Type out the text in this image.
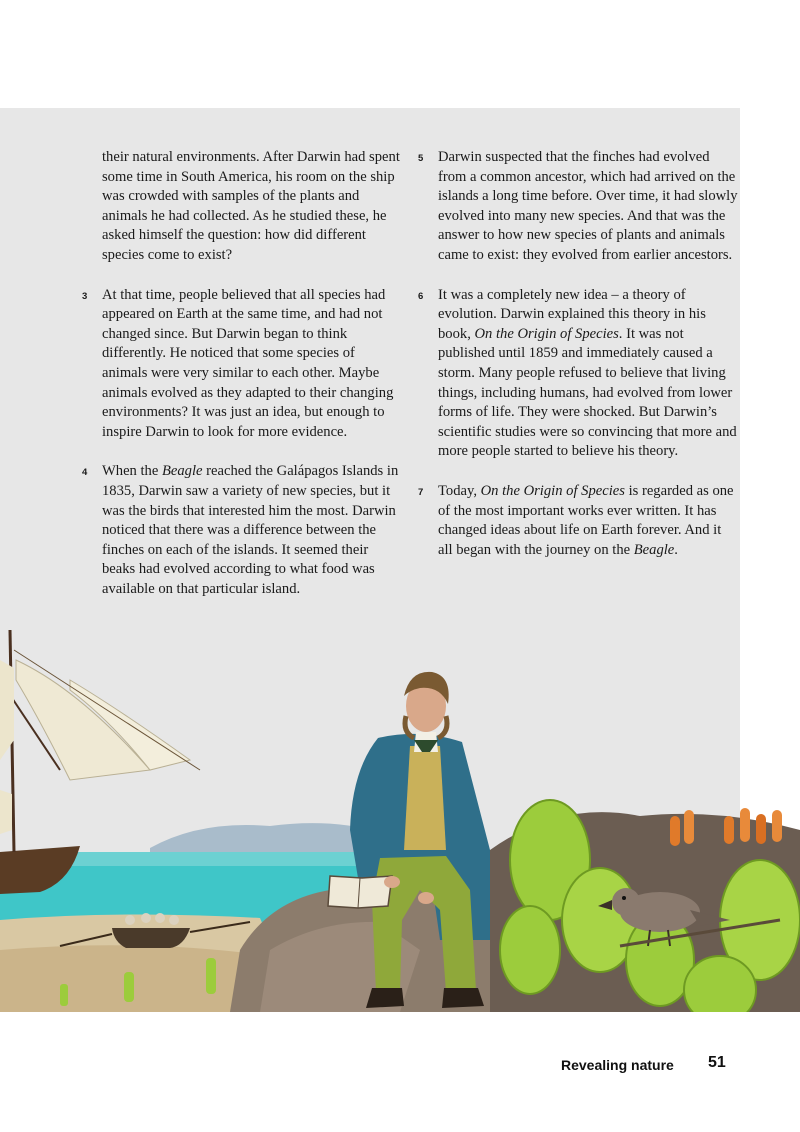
their natural environments. After Darwin had spent some time in South America, his room on the ship was crowded with samples of the plants and animals he had collected. As he studied these, he asked himself the question: how did different species come to exist?

3 At that time, people believed that all species had appeared on Earth at the same time, and had not changed since. But Darwin began to think differently. He noticed that some species of animals were very similar to each other. Maybe animals evolved as they adapted to their changing environments? It was just an idea, but enough to inspire Darwin to look for more evidence.

4 When the Beagle reached the Galápagos Islands in 1835, Darwin saw a variety of new species, but it was the birds that interested him the most. Darwin noticed that there was a difference between the finches on each of the islands. It seemed their beaks had evolved according to what food was available on that particular island.

5 Darwin suspected that the finches had evolved from a common ancestor, which had arrived on the islands a long time before. Over time, it had slowly evolved into many new species. And that was the answer to how new species of plants and animals came to exist: they evolved from earlier ancestors.

6 It was a completely new idea – a theory of evolution. Darwin explained this theory in his book, On the Origin of Species. It was not published until 1859 and immediately caused a storm. Many people refused to believe that living things, including humans, had evolved from lower forms of life. They were shocked. But Darwin’s scientific studies were so convincing that more and more people started to believe his theory.

7 Today, On the Origin of Species is regarded as one of the most important works ever written. It has changed ideas about life on Earth forever. And it all began with the journey on the Beagle.

Revealing nature 51
